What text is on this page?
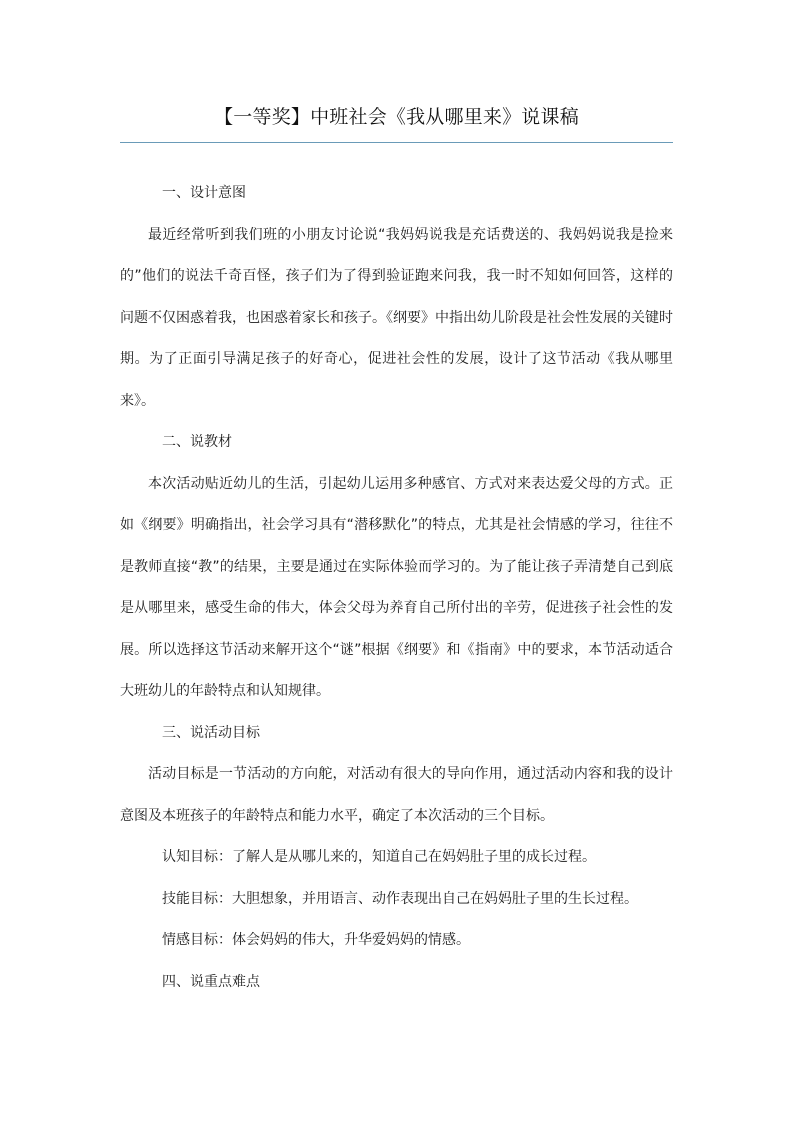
【一等奖】中班社会《我从哪里来》说课稿

一、设计意图

最近经常听到我们班的小朋友讨论说“我妈妈说我是充话费送的、我妈妈说我是捡来的”他们的说法千奇百怪，孩子们为了得到验证跑来问我，我一时不知如何回答，这样的问题不仅困惑着我，也困惑着家长和孩子。《纲要》中指出幼儿阶段是社会性发展的关键时期。为了正面引导满足孩子的好奇心，促进社会性的发展，设计了这节活动《我从哪里来》。

二、说教材

本次活动贴近幼儿的生活，引起幼儿运用多种感官、方式对来表达爱父母的方式。正如《纲要》明确指出，社会学习具有“潜移默化”的特点，尤其是社会情感的学习，往往不是教师直接“教”的结果，主要是通过在实际体验而学习的。为了能让孩子弄清楚自己到底是从哪里来，感受生命的伟大，体会父母为养育自己所付出的辛劳，促进孩子社会性的发展。所以选择这节活动来解开这个“谜”根据《纲要》和《指南》中的要求，本节活动适合大班幼儿的年龄特点和认知规律。

三、说活动目标

活动目标是一节活动的方向舵，对活动有很大的导向作用，通过活动内容和我的设计意图及本班孩子的年龄特点和能力水平，确定了本次活动的三个目标。

认知目标：了解人是从哪儿来的，知道自己在妈妈肚子里的成长过程。

技能目标：大胆想象，并用语言、动作表现出自己在妈妈肚子里的生长过程。

情感目标：体会妈妈的伟大，升华爱妈妈的情感。

四、说重点难点
